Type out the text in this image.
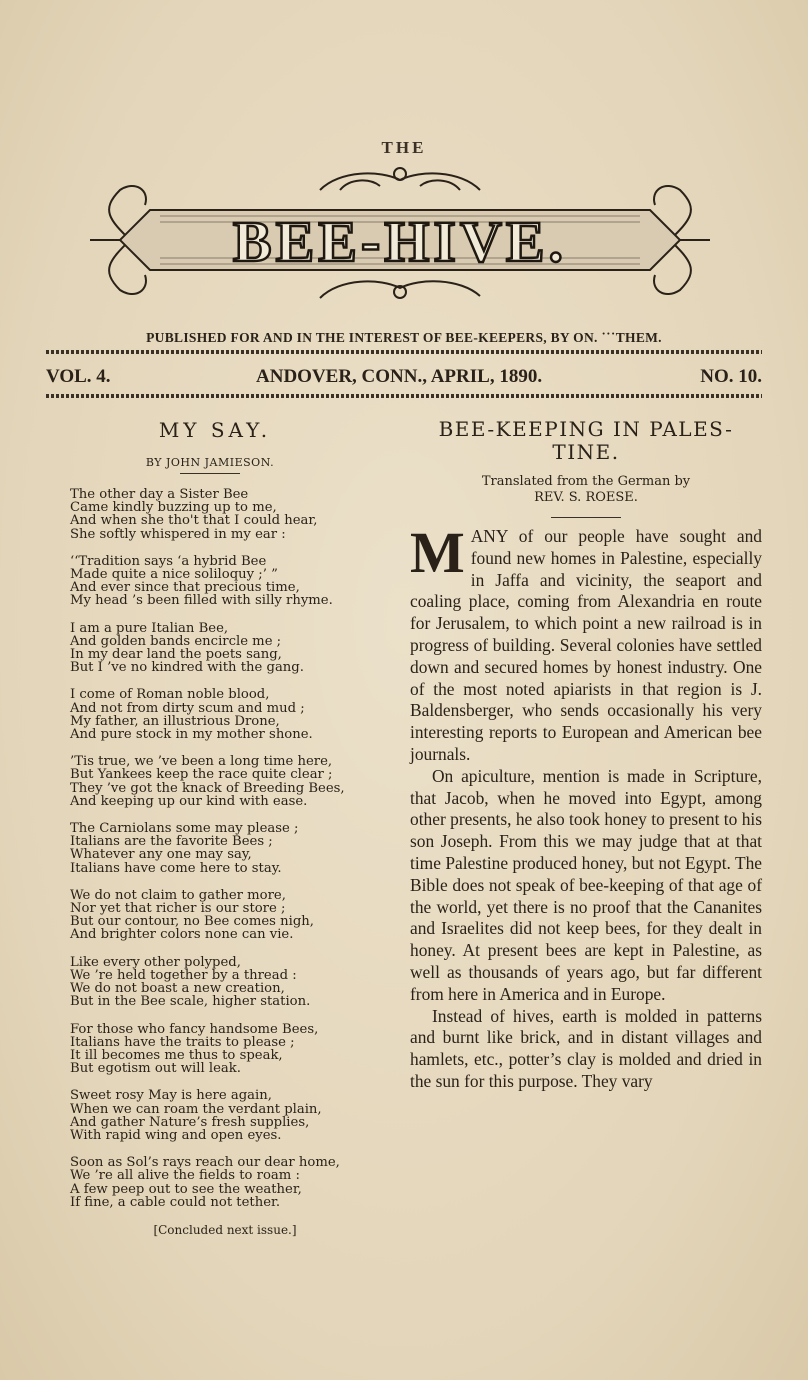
THE
BEE-HIVE.
PUBLISHED FOR AND IN THE INTEREST OF BEE-KEEPERS, BY ON. ˙˙˙THEM.
VOL. 4.	ANDOVER, CONN., APRIL, 1890.	NO. 10.
MY SAY.
BY JOHN JAMIESON.
The other day a Sister Bee
Came kindly buzzing up to me,
And when she tho't that I could hear,
She softly whispered in my ear :
‘‘Tradition says ‘a hybrid Bee
Made quite a nice soliloquy ;’ ”
And ever since that precious time,
My head ’s been filled with silly rhyme.
I am a pure Italian Bee,
And golden bands encircle me ;
In my dear land the poets sang,
But I ’ve no kindred with the gang.
I come of Roman noble blood,
And not from dirty scum and mud ;
My father, an illustrious Drone,
And pure stock in my mother shone.
’Tis true, we ’ve been a long time here,
But Yankees keep the race quite clear ;
They ’ve got the knack of Breeding Bees,
And keeping up our kind with ease.
The Carniolans some may please ;
Italians are the favorite Bees ;
Whatever any one may say,
Italians have come here to stay.
We do not claim to gather more,
Nor yet that richer is our store ;
But our contour, no Bee comes nigh,
And brighter colors none can vie.
Like every other polyped,
We ’re held together by a thread :
We do not boast a new creation,
But in the Bee scale, higher station.
For those who fancy handsome Bees,
Italians have the traits to please ;
It ill becomes me thus to speak,
But egotism out will leak.
Sweet rosy May is here again,
When we can roam the verdant plain,
And gather Nature’s fresh supplies,
With rapid wing and open eyes.
Soon as Sol’s rays reach our dear home,
We ’re all alive the fields to roam :
A few peep out to see the weather,
If fine, a cable could not tether.
[Concluded next issue.]
BEE-KEEPING IN PALES-TINE.
Translated from the German by
REV. S. ROESE.

MANY of our people have sought and found new homes in Palestine, especially in Jaffa and vicinity, the seaport and coaling place, coming from Alexandria en route for Jerusalem, to which point a new railroad is in progress of building. Several colonies have settled down and secured homes by honest industry. One of the most noted apiarists in that region is J. Baldensberger, who sends occasionally his very interesting reports to European and American bee journals.

On apiculture, mention is made in Scripture, that Jacob, when he moved into Egypt, among other presents, he also took honey to present to his son Joseph. From this we may judge that at that time Palestine produced honey, but not Egypt. The Bible does not speak of bee-keeping of that age of the world, yet there is no proof that the Cananites and Israelites did not keep bees, for they dealt in honey. At present bees are kept in Palestine, as well as thousands of years ago, but far different from here in America and in Europe.

Instead of hives, earth is molded in patterns and burnt like brick, and in distant villages and hamlets, etc., potter’s clay is molded and dried in the sun for this purpose. They vary
